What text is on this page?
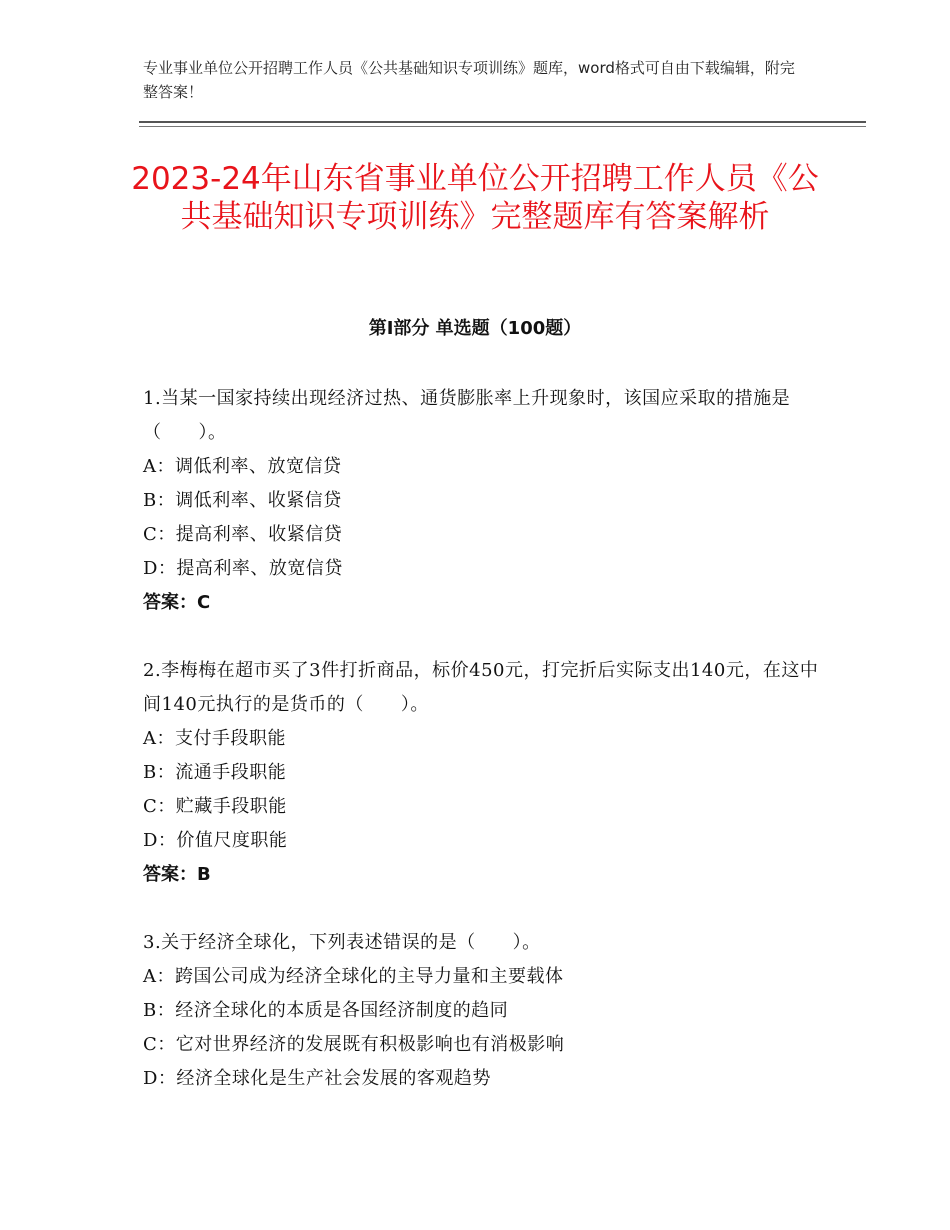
专业事业单位公开招聘工作人员《公共基础知识专项训练》题库，word格式可自由下载编辑，附完整答案！
2023-24年山东省事业单位公开招聘工作人员《公共基础知识专项训练》完整题库有答案解析
第Ⅰ部分 单选题（100题）
1.当某一国家持续出现经济过热、通货膨胀率上升现象时，该国应采取的措施是（　　）。
A：调低利率、放宽信贷
B：调低利率、收紧信贷
C：提高利率、收紧信贷
D：提高利率、放宽信贷
答案：C
2.李梅梅在超市买了3件打折商品，标价450元，打完折后实际支出140元，在这中间140元执行的是货币的（　　）。
A：支付手段职能
B：流通手段职能
C：贮藏手段职能
D：价值尺度职能
答案：B
3.关于经济全球化，下列表述错误的是（　　）。
A：跨国公司成为经济全球化的主导力量和主要载体
B：经济全球化的本质是各国经济制度的趋同
C：它对世界经济的发展既有积极影响也有消极影响
D：经济全球化是生产社会发展的客观趋势
